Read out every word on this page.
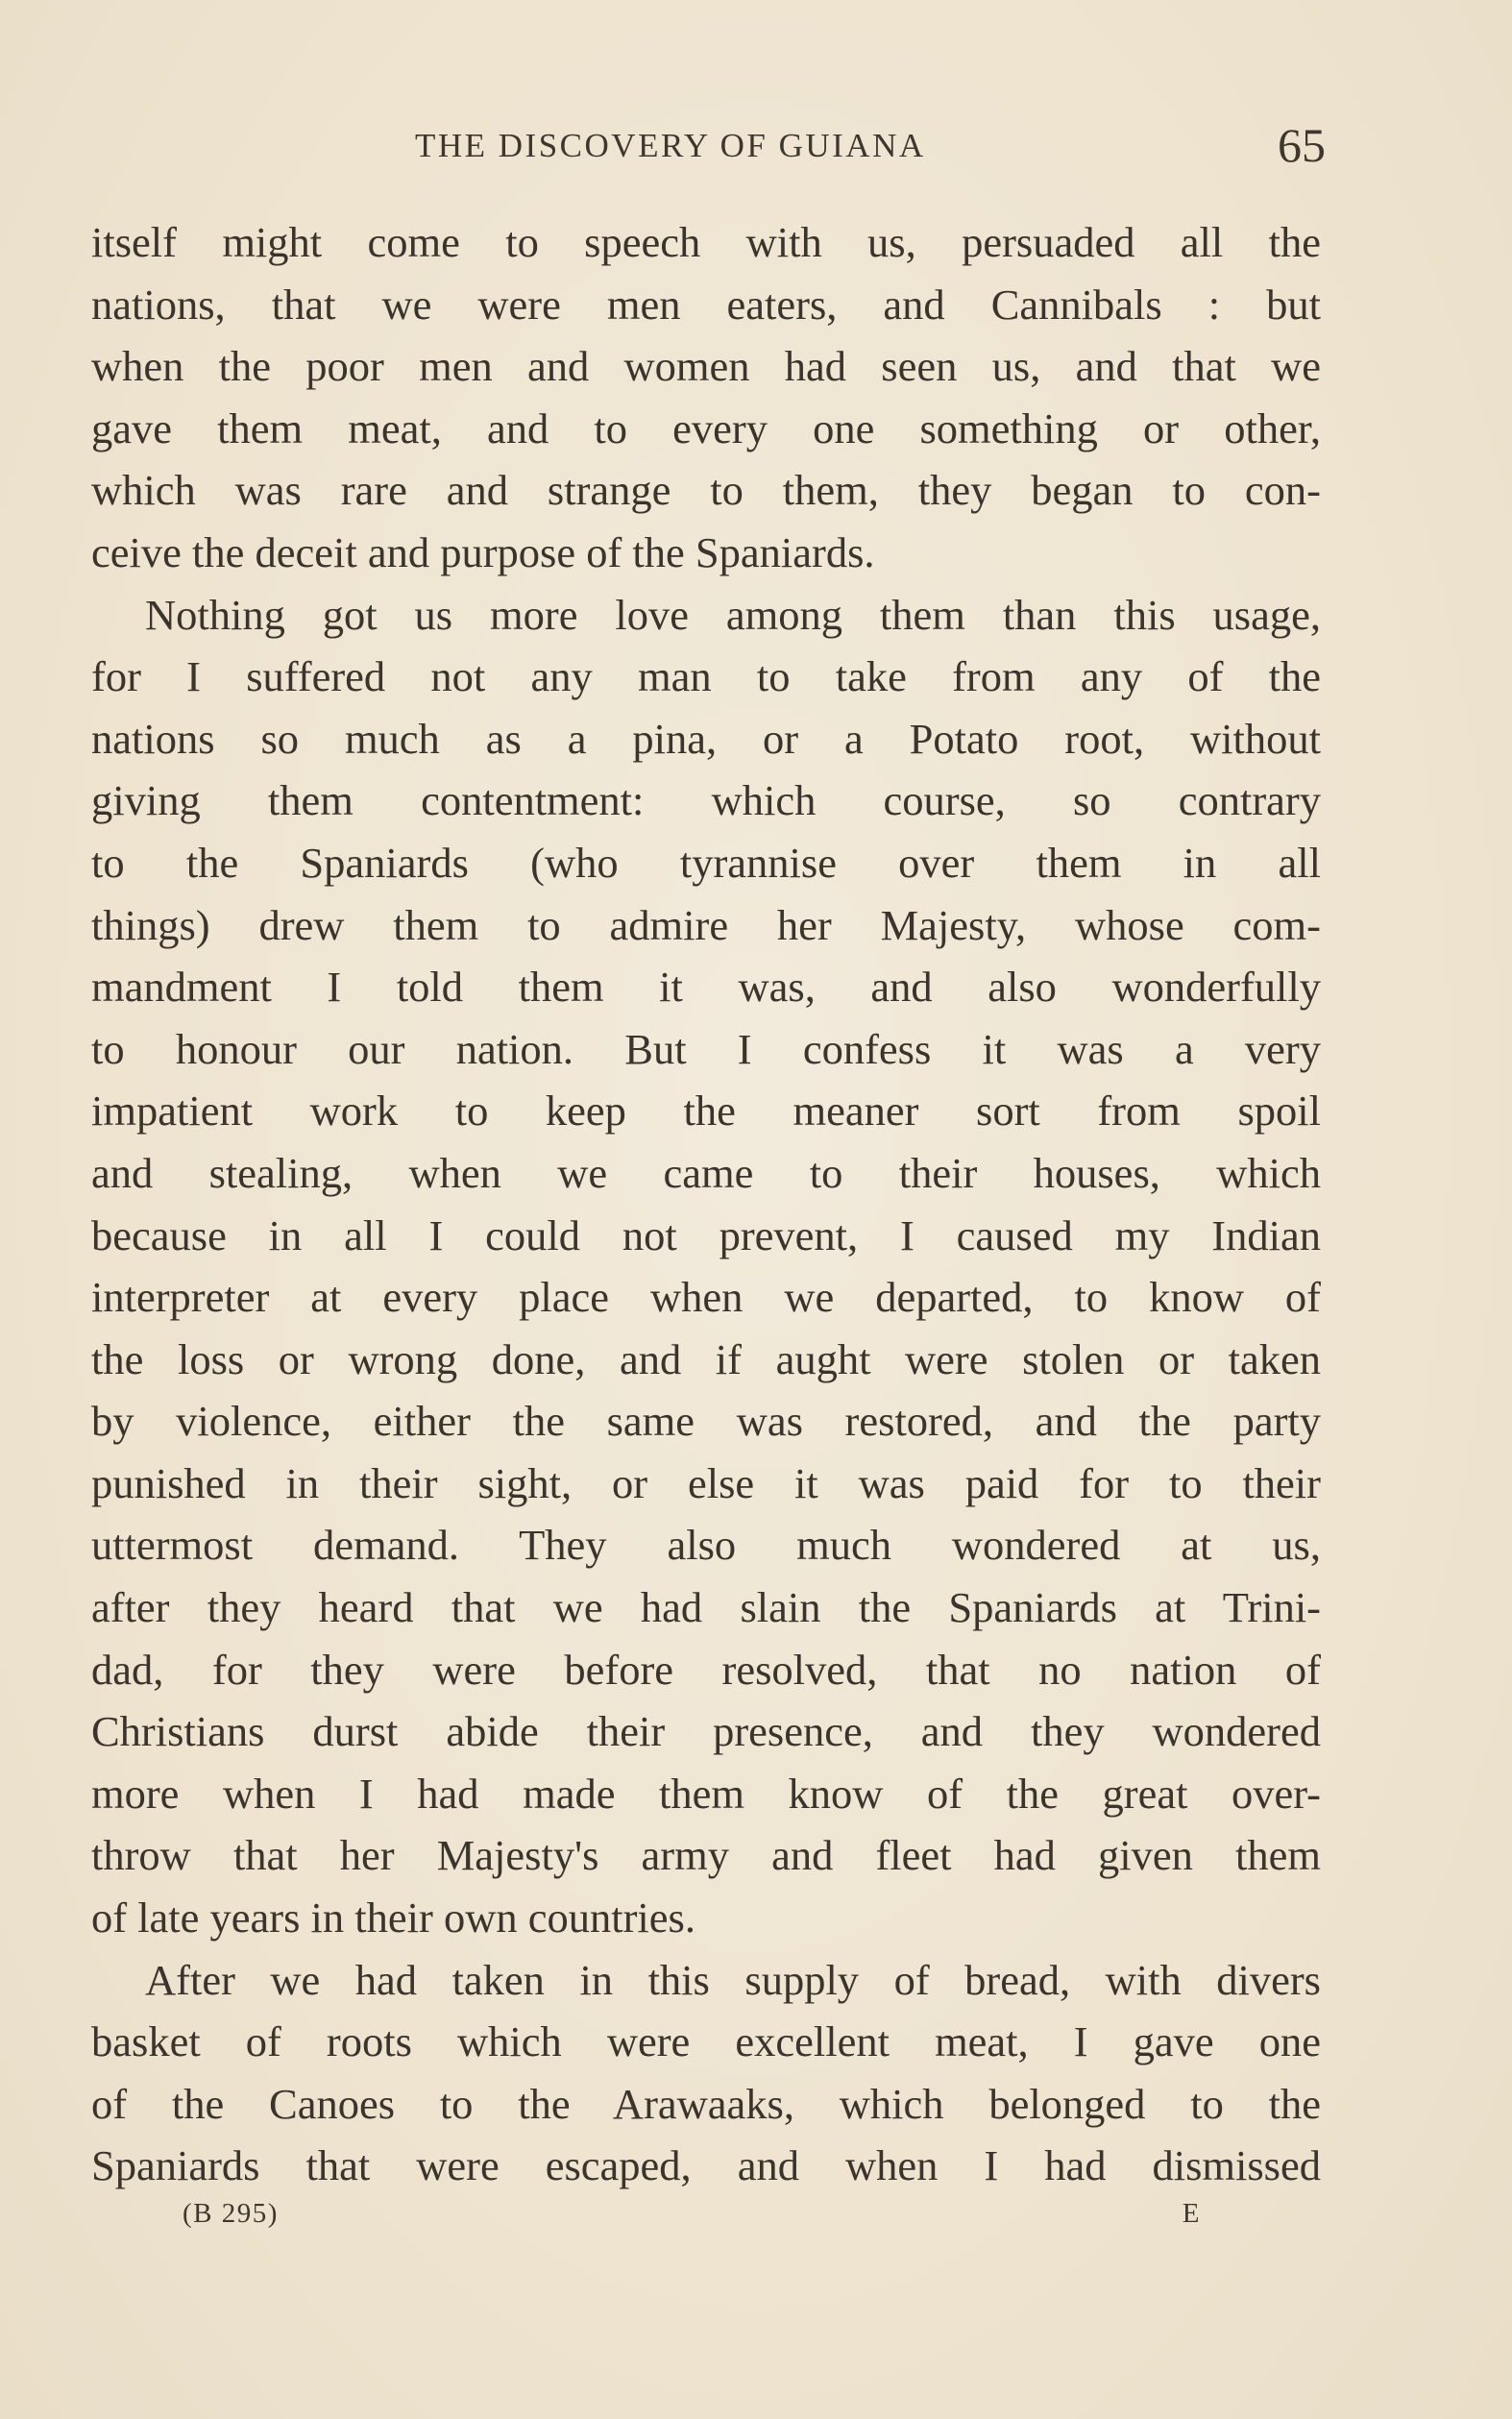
THE DISCOVERY OF GUIANA	65
itself might come to speech with us, persuaded all the
nations, that we were men eaters, and Cannibals : but
when the poor men and women had seen us, and that we
gave them meat, and to every one something or other,
which was rare and strange to them, they began to con-
ceive the deceit and purpose of the Spaniards.
Nothing got us more love among them than this usage,
for I suffered not any man to take from any of the
nations so much as a pina, or a Potato root, without
giving them contentment: which course, so contrary
to the Spaniards (who tyrannise over them in all
things) drew them to admire her Majesty, whose com-
mandment I told them it was, and also wonderfully
to honour our nation. But I confess it was a very
impatient work to keep the meaner sort from spoil
and stealing, when we came to their houses, which
because in all I could not prevent, I caused my Indian
interpreter at every place when we departed, to know of
the loss or wrong done, and if aught were stolen or taken
by violence, either the same was restored, and the party
punished in their sight, or else it was paid for to their
uttermost demand. They also much wondered at us,
after they heard that we had slain the Spaniards at Trini-
dad, for they were before resolved, that no nation of
Christians durst abide their presence, and they wondered
more when I had made them know of the great over-
throw that her Majesty's army and fleet had given them
of late years in their own countries.
After we had taken in this supply of bread, with divers
basket of roots which were excellent meat, I gave one
of the Canoes to the Arawaaks, which belonged to the
Spaniards that were escaped, and when I had dismissed
(B 295)	E
